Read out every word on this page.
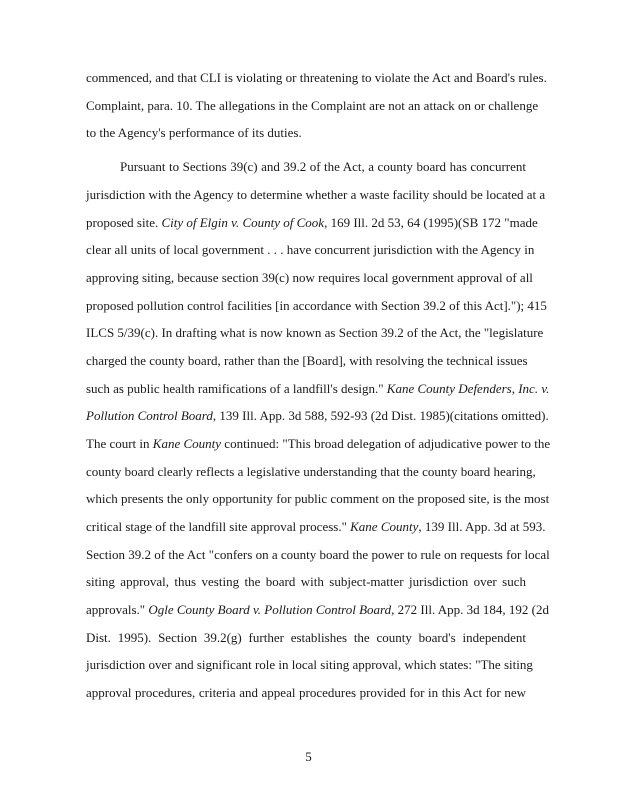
commenced, and that CLI is violating or threatening to violate the Act and Board's rules.
Complaint, para. 10. The allegations in the Complaint are not an attack on or challenge
to the Agency's performance of its duties.
Pursuant to Sections 39(c) and 39.2 of the Act, a county board has concurrent
jurisdiction with the Agency to determine whether a waste facility should be located at a
proposed site. City of Elgin v. County of Cook, 169 Ill. 2d 53, 64 (1995)(SB 172 "made
clear all units of local government . . . have concurrent jurisdiction with the Agency in
approving siting, because section 39(c) now requires local government approval of all
proposed pollution control facilities [in accordance with Section 39.2 of this Act]."); 415
ILCS 5/39(c). In drafting what is now known as Section 39.2 of the Act, the "legislature
charged the county board, rather than the [Board], with resolving the technical issues
such as public health ramifications of a landfill's design." Kane County Defenders, Inc. v.
Pollution Control Board, 139 Ill. App. 3d 588, 592-93 (2d Dist. 1985)(citations omitted).
The court in Kane County continued: "This broad delegation of adjudicative power to the
county board clearly reflects a legislative understanding that the county board hearing,
which presents the only opportunity for public comment on the proposed site, is the most
critical stage of the landfill site approval process." Kane County, 139 Ill. App. 3d at 593.
Section 39.2 of the Act "confers on a county board the power to rule on requests for local
siting approval, thus vesting the board with subject-matter jurisdiction over such
approvals." Ogle County Board v. Pollution Control Board, 272 Ill. App. 3d 184, 192 (2d
Dist. 1995). Section 39.2(g) further establishes the county board's independent
jurisdiction over and significant role in local siting approval, which states: "The siting
approval procedures, criteria and appeal procedures provided for in this Act for new
5
